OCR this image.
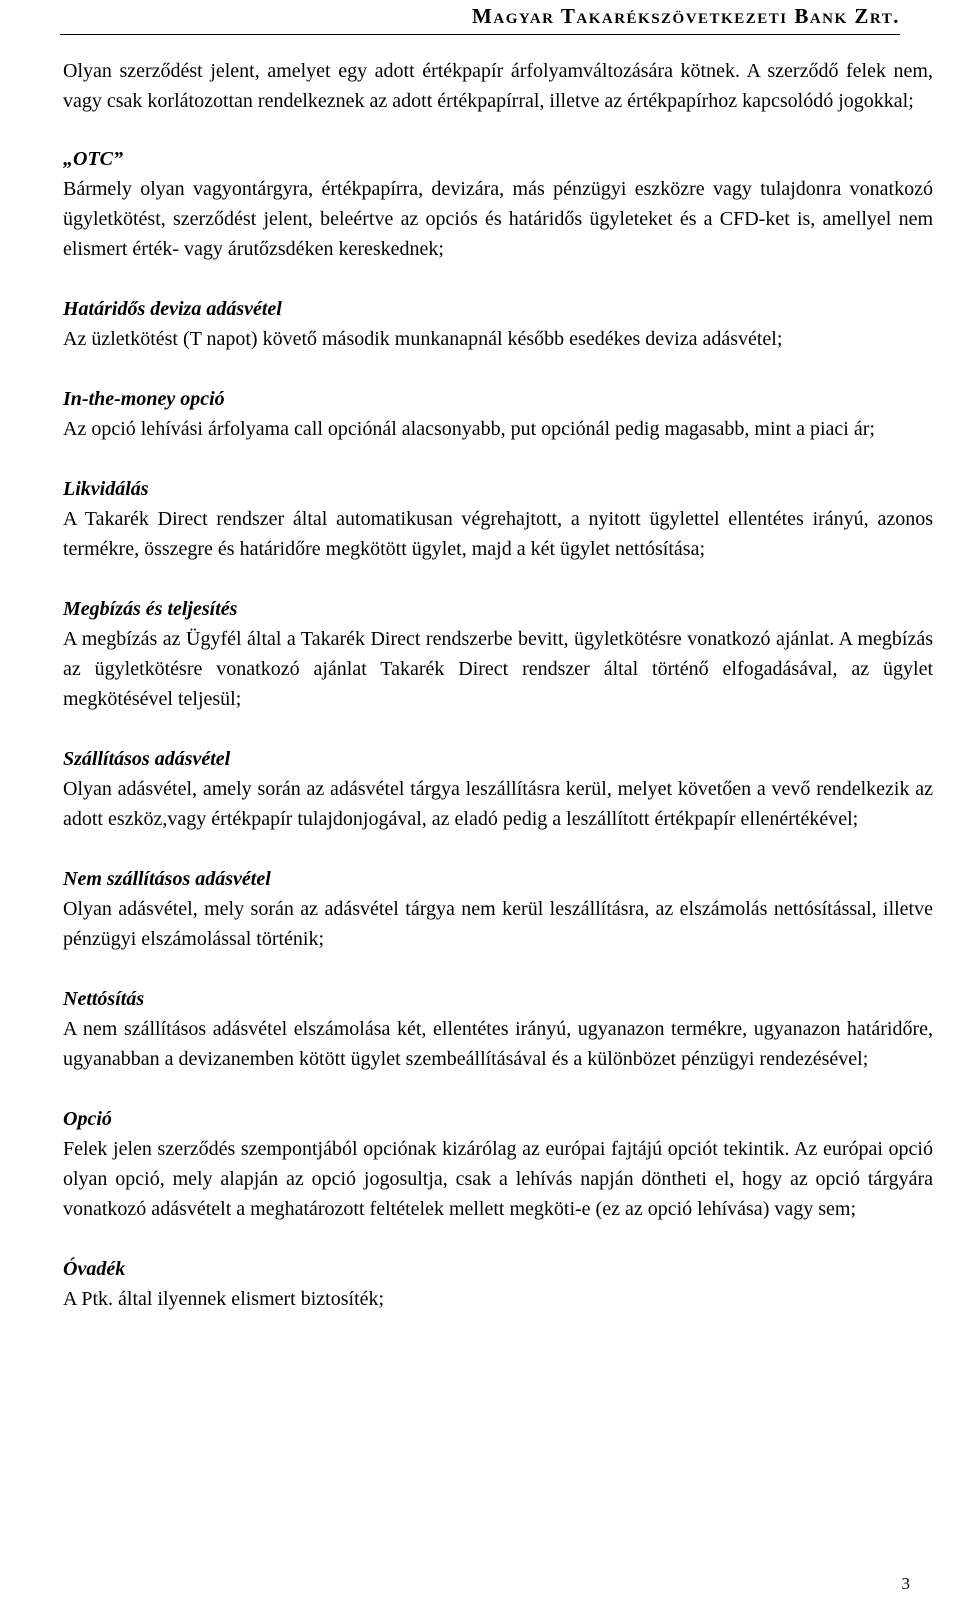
Magyar Takarékszövetkezeti Bank Zrt.

Olyan szerződést jelent, amelyet egy adott értékpapír árfolyamváltozására kötnek. A szerződő felek nem, vagy csak korlátozottan rendelkeznek az adott értékpapírral, illetve az értékpapírhoz kapcsolódó jogokkal;

„OTC”

Bármely olyan vagyontárgyra, értékpapírra, devizára, más pénzügyi eszközre vagy tulajdonra vonatkozó ügyletkötést, szerződést jelent, beleértve az opciós és határidős ügyleteket és a CFD-ket is, amellyel nem elismert érték- vagy árutőzsdéken kereskednek;

Határidős deviza adásvétel

Az üzletkötést (T napot) követő második munkanapnál később esedékes deviza adásvétel;

In-the-money opció

Az opció lehívási árfolyama call opciónál alacsonyabb, put opciónál pedig magasabb, mint a piaci ár;

Likvidálás

A Takarék Direct rendszer által automatikusan végrehajtott, a nyitott ügylettel ellentétes irányú, azonos termékre, összegre és határidőre megkötött ügylet, majd a két ügylet nettósítása;

Megbízás és teljesítés

A megbízás az Ügyfél által a Takarék Direct rendszerbe bevitt, ügyletkötésre vonatkozó ajánlat. A megbízás az ügyletkötésre vonatkozó ajánlat Takarék Direct rendszer által történő elfogadásával, az ügylet megkötésével teljesül;

Szállításos adásvétel

Olyan adásvétel, amely során az adásvétel tárgya leszállításra kerül, melyet követően a vevő rendelkezik az adott eszköz,vagy értékpapír tulajdonjogával, az eladó pedig a leszállított értékpapír ellenértékével;

Nem szállításos adásvétel

Olyan adásvétel, mely során az adásvétel tárgya nem kerül leszállításra, az elszámolás nettósítással, illetve pénzügyi elszámolással történik;

Nettósítás

A nem szállításos adásvétel elszámolása két, ellentétes irányú, ugyanazon termékre, ugyanazon határidőre, ugyanabban a devizanemben kötött ügylet szembeállításával és a különbözet pénzügyi rendezésével;

Opció

Felek jelen szerződés szempontjából opciónak kizárólag az európai fajtájú opciót tekintik. Az európai opció olyan opció, mely alapján az opció jogosultja, csak a lehívás napján döntheti el, hogy az opció tárgyára vonatkozó adásvételt a meghatározott feltételek mellett megköti-e (ez az opció lehívása) vagy sem;

Óvadék

A Ptk. által ilyennek elismert biztosíték;

3
